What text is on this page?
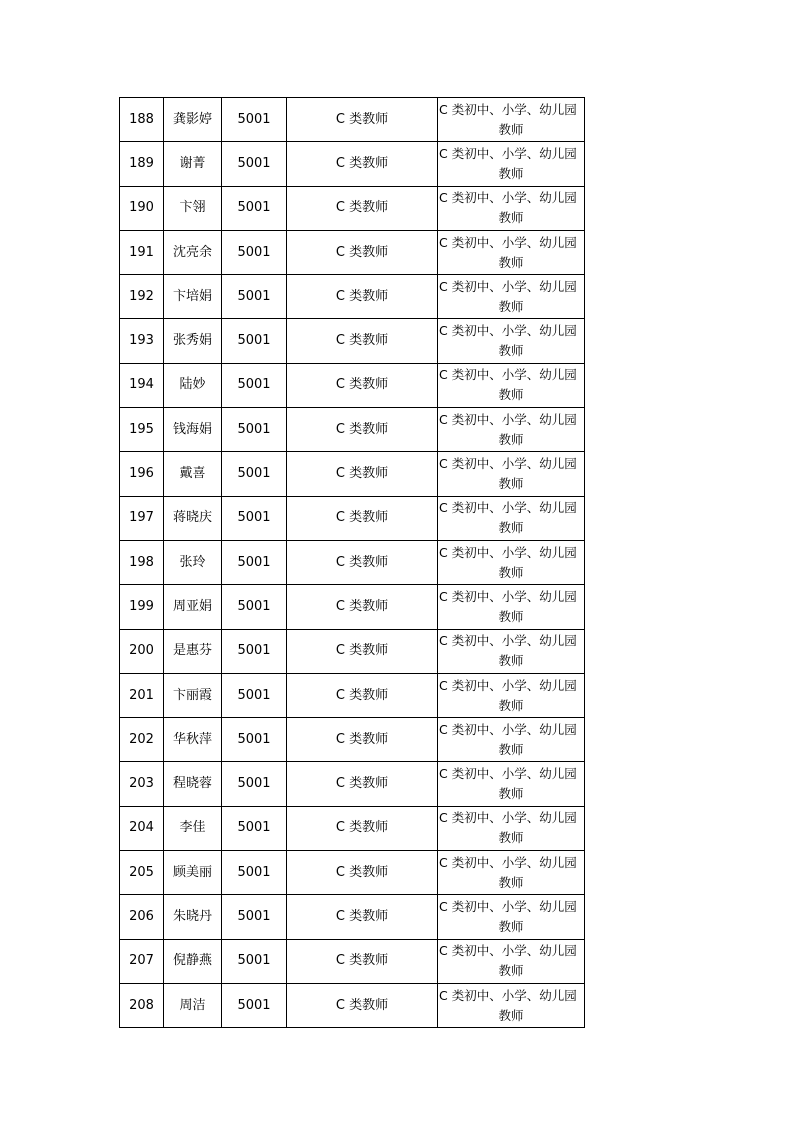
188	龚影婷	5001	C 类教师	C 类初中、小学、幼儿园
教师

189	谢菁	5001	C 类教师	C 类初中、小学、幼儿园
教师

190	卞翎	5001	C 类教师	C 类初中、小学、幼儿园
教师

191	沈亮余	5001	C 类教师	C 类初中、小学、幼儿园
教师

192	卞培娟	5001	C 类教师	C 类初中、小学、幼儿园
教师

193	张秀娟	5001	C 类教师	C 类初中、小学、幼儿园
教师

194	陆妙	5001	C 类教师	C 类初中、小学、幼儿园
教师

195	钱海娟	5001	C 类教师	C 类初中、小学、幼儿园
教师

196	戴喜	5001	C 类教师	C 类初中、小学、幼儿园
教师

197	蒋晓庆	5001	C 类教师	C 类初中、小学、幼儿园
教师

198	张玲	5001	C 类教师	C 类初中、小学、幼儿园
教师

199	周亚娟	5001	C 类教师	C 类初中、小学、幼儿园
教师

200	是惠芬	5001	C 类教师	C 类初中、小学、幼儿园
教师

201	卞丽霞	5001	C 类教师	C 类初中、小学、幼儿园
教师

202	华秋萍	5001	C 类教师	C 类初中、小学、幼儿园
教师

203	程晓蓉	5001	C 类教师	C 类初中、小学、幼儿园
教师

204	李佳	5001	C 类教师	C 类初中、小学、幼儿园
教师

205	顾美丽	5001	C 类教师	C 类初中、小学、幼儿园
教师

206	朱晓丹	5001	C 类教师	C 类初中、小学、幼儿园
教师

207	倪静燕	5001	C 类教师	C 类初中、小学、幼儿园
教师

208	周洁	5001	C 类教师	C 类初中、小学、幼儿园
教师
